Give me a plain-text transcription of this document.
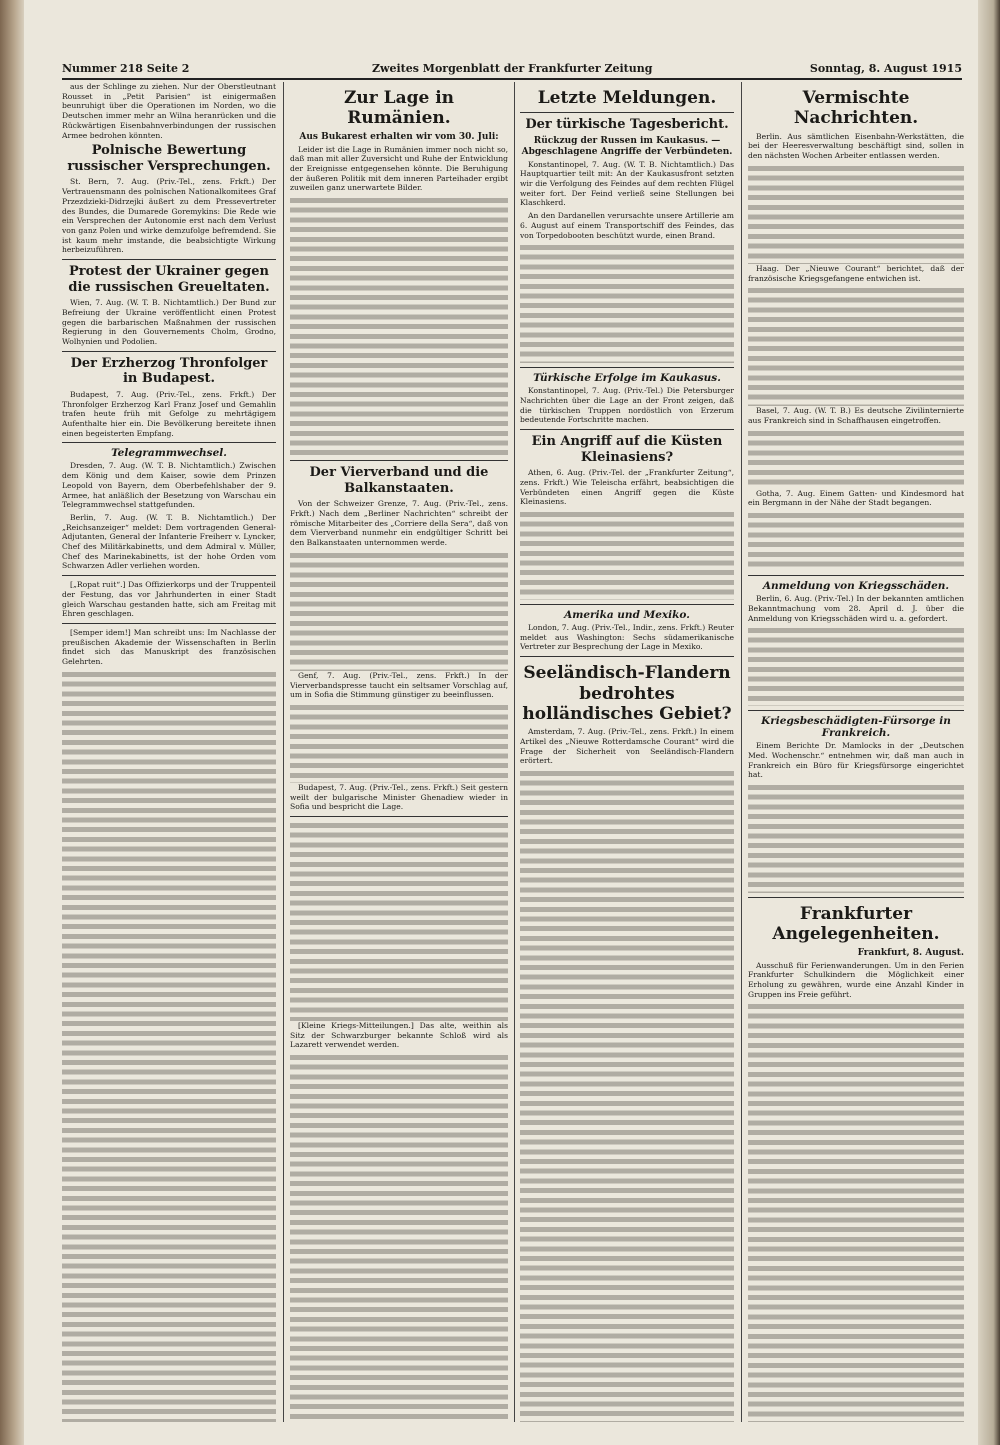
Nummer 218 Seite 2	Zweites Morgenblatt der Frankfurter Zeitung	Sonntag, 8. August 1915

aus der Schlinge zu ziehen. Nur der Oberstleutnant Rousset in „Petit Parisien“ ist einigermaßen beunruhigt über die Operationen im Norden, wo die Deutschen immer mehr an Wilna heranrücken und die Rückwärtigen Eisenbahnverbindungen der russischen Armee bedrohen könnten.

Polnische Bewertung russischer Versprechungen.

St. Bern, 7. Aug. (Priv.-Tel., zens. Frkft.) Der Vertrauensmann des polnischen Nationalkomitees Graf Przezdzieki-Didrzejki äußert zu dem Pressevertreter des Bundes, die Dumarede Goremykins: Die Rede wie ein Versprechen der Autonomie erst nach dem Verlust von ganz Polen und wirke demzufolge befremdend. Sie ist kaum mehr imstande, die beabsichtigte Wirkung herbeizuführen.

Protest der Ukrainer gegen die russischen Greueltaten.

Wien, 7. Aug. (W. T. B. Nichtamtlich.) Der Bund zur Befreiung der Ukraine veröffentlicht einen Protest gegen die barbarischen Maßnahmen der russischen Regierung in den Gouvernements Cholm, Grodno, Wolhynien und Podolien.

Der Erzherzog Thronfolger in Budapest.

Budapest, 7. Aug. (Priv.-Tel., zens. Frkft.) Der Thronfolger Erzherzog Karl Franz Josef und Gemahlin trafen heute früh mit Gefolge zu mehrtägigem Aufenthalte hier ein. Die Bevölkerung bereitete ihnen einen begeisterten Empfang.

Telegrammwechsel.

Dresden, 7. Aug. (W. T. B. Nichtamtlich.) Zwischen dem König und dem Kaiser, sowie dem Prinzen Leopold von Bayern, dem Oberbefehlshaber der 9. Armee, hat anläßlich der Besetzung von Warschau ein Telegrammwechsel stattgefunden.

Berlin, 7. Aug. (W. T. B. Nichtamtlich.) Der „Reichsanzeiger“ meldet: Dem vortragenden General-Adjutanten, General der Infanterie Freiherr v. Lyncker, Chef des Militärkabinetts, und dem Admiral v. Müller, Chef des Marinekabinetts, ist der hohe Orden vom Schwarzen Adler verliehen worden.

[„Ropat ruit“.] Das Offizierkorps und der Truppenteil der Festung, das vor Jahrhunderten in einer Stadt gleich Warschau gestanden hatte, sich am Freitag mit Ehren geschlagen.

[Semper idem!] Man schreibt uns: Im Nachlasse der preußischen Akademie der Wissenschaften in Berlin findet sich das Manuskript des französischen Gelehrten.

Zur Lage in Rumänien.
Aus Bukarest erhalten wir vom 30. Juli:

Leider ist die Lage in Rumänien immer noch nicht so, daß man mit aller Zuversicht und Ruhe der Entwicklung der Ereignisse entgegensehen könnte. Die Beruhigung der äußeren Politik mit dem inneren Parteihader ergibt zuweilen ganz unerwartete Bilder.

Der Vierverband und die Balkanstaaten.

Von der Schweizer Grenze, 7. Aug. (Priv.-Tel., zens. Frkft.) Nach dem „Berliner Nachrichten“ schreibt der römische Mitarbeiter des „Corriere della Sera“, daß von dem Vierverband nunmehr ein endgültiger Schritt bei den Balkanstaaten unternommen werde.

Genf, 7. Aug. (Priv.-Tel., zens. Frkft.) In der Vierverbandspresse taucht ein seltsamer Vorschlag auf, um in Sofia die Stimmung günstiger zu beeinflussen.

Budapest, 7. Aug. (Priv.-Tel., zens. Frkft.) Seit gestern weilt der bulgarische Minister Ghenadiew wieder in Sofia und bespricht die Lage.

[Kleine Kriegs-Mitteilungen.] Das alte, weithin als Sitz der Schwarzburger bekannte Schloß wird als Lazarett verwendet werden.

Letzte Meldungen.
Der türkische Tagesbericht.
Rückzug der Russen im Kaukasus. — Abgeschlagene Angriffe der Verbündeten.

Konstantinopel, 7. Aug. (W. T. B. Nichtamtlich.) Das Hauptquartier teilt mit: An der Kaukasusfront setzten wir die Verfolgung des Feindes auf dem rechten Flügel weiter fort. Der Feind verließ seine Stellungen bei Klaschkerd.

An den Dardanellen verursachte unsere Artillerie am 6. August auf einem Transportschiff des Feindes, das von Torpedobooten beschützt wurde, einen Brand.

Türkische Erfolge im Kaukasus.

Konstantinopel, 7. Aug. (Priv.-Tel.) Die Petersburger Nachrichten über die Lage an der Front zeigen, daß die türkischen Truppen nordöstlich von Erzerum bedeutende Fortschritte machen.

Ein Angriff auf die Küsten Kleinasiens?

Athen, 6. Aug. (Priv.-Tel. der „Frankfurter Zeitung“, zens. Frkft.) Wie Teleischa erfährt, beabsichtigen die Verbündeten einen Angriff gegen die Küste Kleinasiens.

Amerika und Mexiko.

London, 7. Aug. (Priv.-Tel., Indir., zens. Frkft.) Reuter meldet aus Washington: Sechs südamerikanische Vertreter zur Besprechung der Lage in Mexiko.

Seeländisch-Flandern bedrohtes holländisches Gebiet?

Amsterdam, 7. Aug. (Priv.-Tel., zens. Frkft.) In einem Artikel des „Nieuwe Rotterdamsche Courant“ wird die Frage der Sicherheit von Seeländisch-Flandern erörtert.

Vermischte Nachrichten.

Berlin. Aus sämtlichen Eisenbahn-Werkstätten, die bei der Heeresverwaltung beschäftigt sind, sollen in den nächsten Wochen Arbeiter entlassen werden.

Haag. Der „Nieuwe Courant“ berichtet, daß der französische Kriegsgefangene entwichen ist.

Basel, 7. Aug. (W. T. B.) Es deutsche Zivilinternierte aus Frankreich sind in Schaffhausen eingetroffen.

Gotha, 7. Aug. Einem Gatten- und Kindesmord hat ein Bergmann in der Nähe der Stadt begangen.

Anmeldung von Kriegsschäden.

Berlin, 6. Aug. (Priv.-Tel.) In der bekannten amtlichen Bekanntmachung vom 28. April d. J. über die Anmeldung von Kriegsschäden wird u. a. gefordert.

Kriegsbeschädigten-Fürsorge in Frankreich.

Einem Berichte Dr. Mamlocks in der „Deutschen Med. Wochenschr.“ entnehmen wir, daß man auch in Frankreich ein Büro für Kriegsfürsorge eingerichtet hat.

Frankfurter Angelegenheiten.
Frankfurt, 8. August.

Ausschuß für Ferienwanderungen. Um in den Ferien Frankfurter Schulkindern die Möglichkeit einer Erholung zu gewähren, wurde eine Anzahl Kinder in Gruppen ins Freie geführt.
